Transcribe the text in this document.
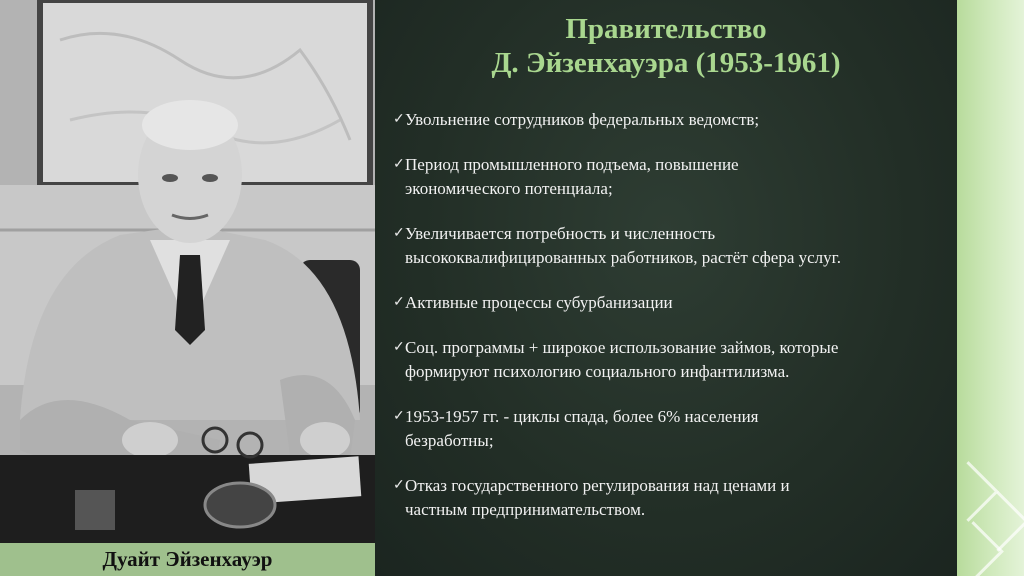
Дуайт Эйзенхауэр
Правительство
Д. Эйзенхауэра (1953-1961)
✓ Увольнение сотрудников федеральных ведомств;
✓ Период промышленного подъема, повышение
экономического потенциала;
✓ Увеличивается потребность и численность
высококвалифицированных работников, растёт сфера услуг.
✓ Активные процессы субурбанизации
✓ Соц. программы + широкое использование займов, которые
формируют психологию социального инфантилизма.
✓ 1953-1957 гг. - циклы спада, более 6% населения
безработны;
✓ Отказ государственного регулирования над ценами и
частным предпринимательством.
